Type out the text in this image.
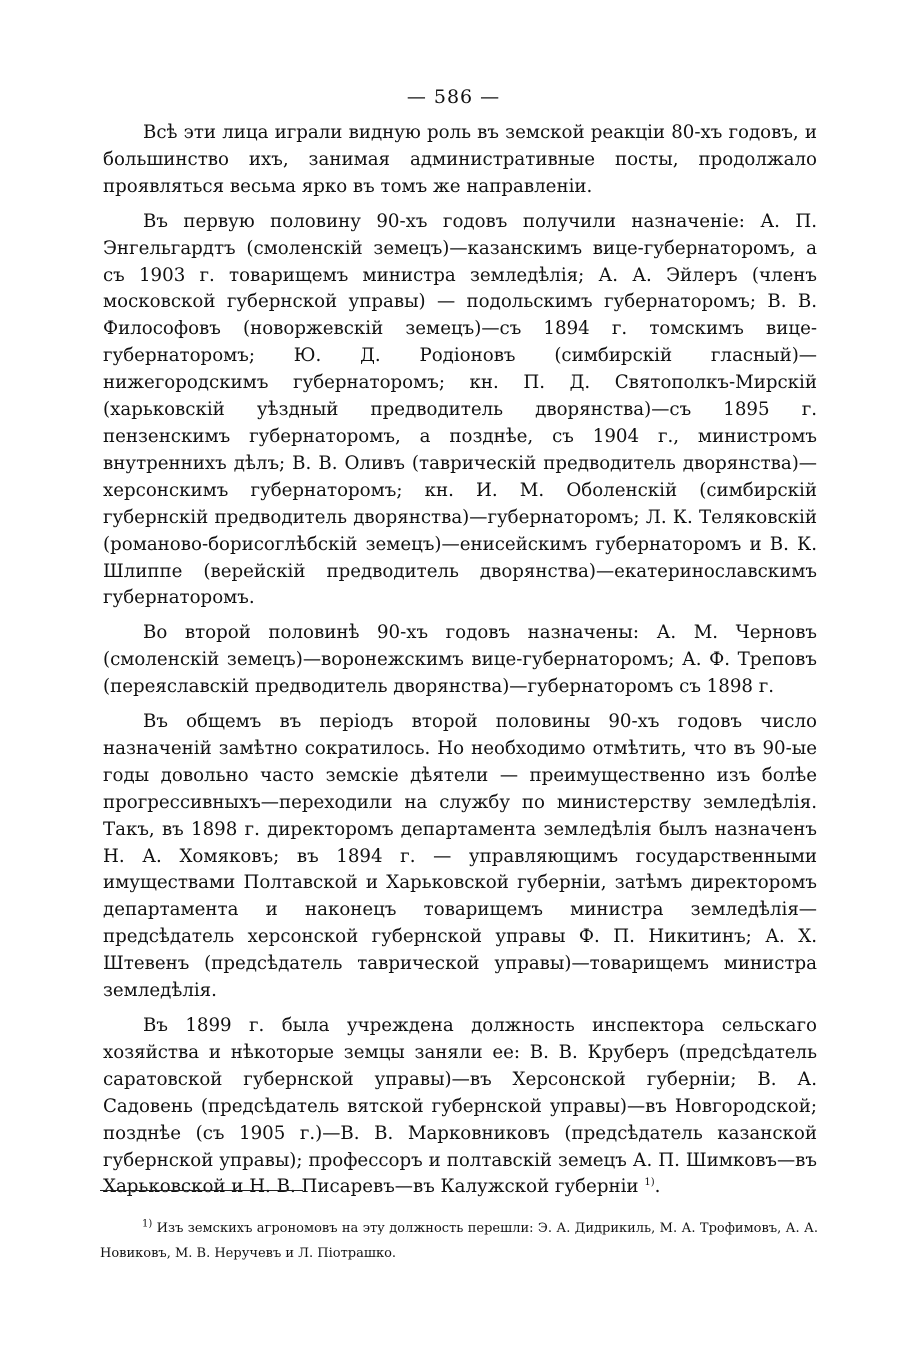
— 586 —

Всѣ эти лица играли видную роль въ земской реакціи 80-хъ годовъ, и большинство ихъ, занимая административные посты, продолжало проявляться весьма ярко въ томъ же направленіи.

Въ первую половину 90-хъ годовъ получили назначеніе: А. П. Энгельгардтъ (смоленскій земецъ)—казанскимъ вице-губернаторомъ, а съ 1903 г. товарищемъ министра земледѣлія; А. А. Эйлеръ (членъ московской губернской управы) — подольскимъ губернаторомъ; В. В. Философовъ (новоржевскій земецъ)—съ 1894 г. томскимъ вице-губернаторомъ; Ю. Д. Родіоновъ (симбирскій гласный)—нижегородскимъ губернаторомъ; кн. П. Д. Святополкъ-Мирскій (харьковскій уѣздный предводитель дворянства)—съ 1895 г. пензенскимъ губернаторомъ, а позднѣе, съ 1904 г., министромъ внутреннихъ дѣлъ; В. В. Оливъ (таврическій предводитель дворянства)—херсонскимъ губернаторомъ; кн. И. М. Оболенскій (симбирскій губернскій предводитель дворянства)—губернаторомъ; Л. К. Теляковскій (романово-борисоглѣбскій земецъ)—енисейскимъ губернаторомъ и В. К. Шлиппе (верейскій предводитель дворянства)—екатеринославскимъ губернаторомъ.

Во второй половинѣ 90-хъ годовъ назначены: А. М. Черновъ (смоленскій земецъ)—воронежскимъ вице-губернаторомъ; А. Ф. Треповъ (переяславскій предводитель дворянства)—губернаторомъ съ 1898 г.

Въ общемъ въ періодъ второй половины 90-хъ годовъ число назначеній замѣтно сократилось. Но необходимо отмѣтить, что въ 90-ые годы довольно часто земскіе дѣятели — преимущественно изъ болѣе прогрессивныхъ—переходили на службу по министерству земледѣлія. Такъ, въ 1898 г. директоромъ департамента земледѣлія былъ назначенъ Н. А. Хомяковъ; въ 1894 г. — управляющимъ государственными имуществами Полтавской и Харьковской губерніи, затѣмъ директоромъ департамента и наконецъ товарищемъ министра земледѣлія—предсѣдатель херсонской губернской управы Ф. П. Никитинъ; А. Х. Штевенъ (предсѣдатель таврической управы)—товарищемъ министра земледѣлія.

Въ 1899 г. была учреждена должность инспектора сельскаго хозяйства и нѣкоторые земцы заняли ее: В. В. Круберъ (предсѣдатель саратовской губернской управы)—въ Херсонской губерніи; В. А. Садовень (предсѣдатель вятской губернской управы)—въ Новгородской; позднѣе (съ 1905 г.)—В. В. Марковниковъ (предсѣдатель казанской губернской управы); профессоръ и полтавскій земецъ А. П. Шимковъ—въ Харьковской и Н. В. Писаревъ—въ Калужской губерніи $^{1)}$.

$^{1)}$ Изъ земскихъ агрономовъ на эту должность перешли: Э. А. Дидрикиль, М. А. Трофимовъ, А. А. Новиковъ, М. В. Неручевъ и Л. Піотрашко.
